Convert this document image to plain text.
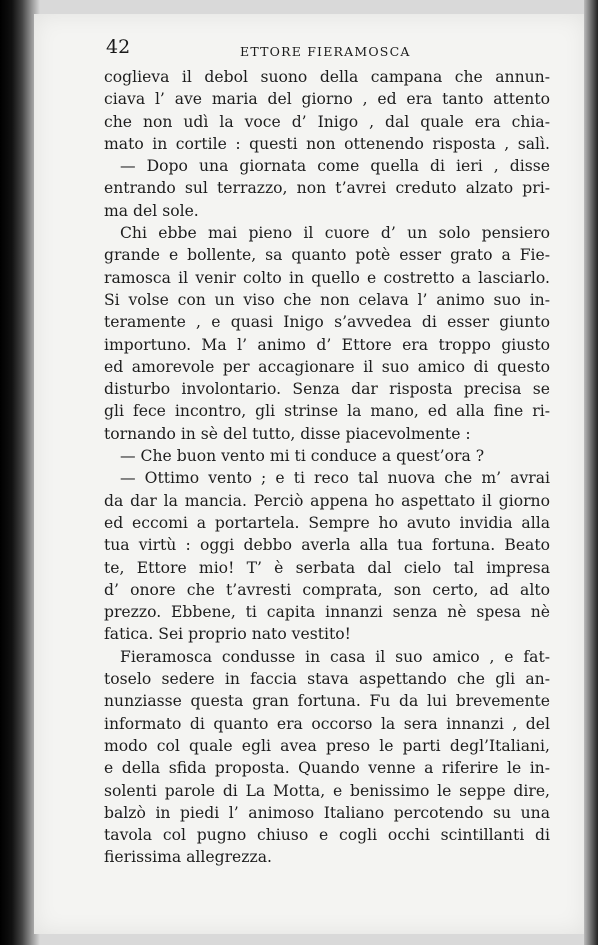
42	ETTORE FIERAMOSCA
coglieva il debol suono della campana che annun-
ciava l’ ave maria del giorno , ed era tanto attento
che non udì la voce d’ Inigo , dal quale era chia-
mato in cortile : questi non ottenendo risposta , salì.
— Dopo una giornata come quella di ieri , disse
entrando sul terrazzo, non t’avrei creduto alzato pri-
ma del sole.
Chi ebbe mai pieno il cuore d’ un solo pensiero
grande e bollente, sa quanto potè esser grato a Fie-
ramosca il venir colto in quello e costretto a lasciarlo.
Si volse con un viso che non celava l’ animo suo in-
teramente , e quasi Inigo s’avvedea di esser giunto
importuno. Ma l’ animo d’ Ettore era troppo giusto
ed amorevole per accagionare il suo amico di questo
disturbo involontario. Senza dar risposta precisa se
gli fece incontro, gli strinse la mano, ed alla fine ri-
tornando in sè del tutto, disse piacevolmente :
— Che buon vento mi ti conduce a quest’ora ?
— Ottimo vento ; e ti reco tal nuova che m’ avrai
da dar la mancia. Perciò appena ho aspettato il giorno
ed eccomi a portartela. Sempre ho avuto invidia alla
tua virtù : oggi debbo averla alla tua fortuna. Beato
te, Ettore mio! T’ è serbata dal cielo tal impresa
d’ onore che t’avresti comprata, son certo, ad alto
prezzo. Ebbene, ti capita innanzi senza nè spesa nè
fatica. Sei proprio nato vestito!
Fieramosca condusse in casa il suo amico , e fat-
toselo sedere in faccia stava aspettando che gli an-
nunziasse questa gran fortuna. Fu da lui brevemente
informato di quanto era occorso la sera innanzi , del
modo col quale egli avea preso le parti degl’Italiani,
e della sfida proposta. Quando venne a riferire le in-
solenti parole di La Motta, e benissimo le seppe dire,
balzò in piedi l’ animoso Italiano percotendo su una
tavola col pugno chiuso e cogli occhi scintillanti di
fierissima allegrezza.
